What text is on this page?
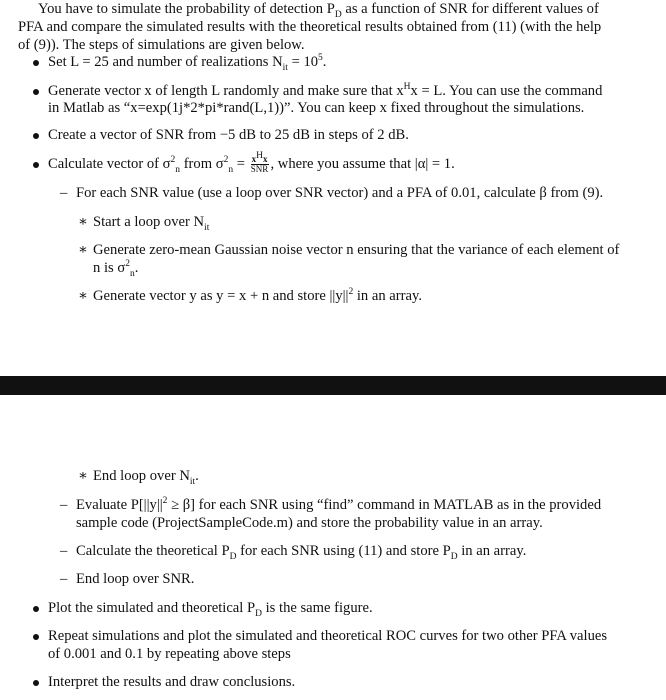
You have to simulate the probability of detection $P_D$ as a function of SNR for different values of
PFA and compare the simulated results with the theoretical results obtained from (11) (with the help
of (9)). The steps of simulations are given below.
Set L = 25 and number of realizations $N_{it} = 10^5$.
Generate vector x of length L randomly and make sure that $x^Hx = L$. You can use the command
in Matlab as “x=exp(1j*2*pi*rand(L,1))”. You can keep x fixed throughout the simulations.
Create a vector of SNR from −5 dB to 25 dB in steps of 2 dB.
Calculate vector of $\sigma^2_n$ from $\sigma^2_n = \frac{x^Hx}{\text{SNR}}$ , where you assume that |α| = 1.
– For each SNR value (use a loop over SNR vector) and a PFA of 0.01, calculate β from (9).
∗ Start a loop over $N_{it}$
∗ Generate zero-mean Gaussian noise vector n ensuring that the variance of each element of
n is $\sigma^2_n$.
∗ Generate vector y as y = x + n and store $||y||^2$ in an array.
∗ End loop over $N_{it}$.
– Evaluate $P[||y||^2 \ge \beta]$ for each SNR using “find” command in MATLAB as in the provided
sample code (ProjectSampleCode.m) and store the probability value in an array.
– Calculate the theoretical $P_D$ for each SNR using (11) and store $P_D$ in an array.
– End loop over SNR.
Plot the simulated and theoretical $P_D$ is the same figure.
Repeat simulations and plot the simulated and theoretical ROC curves for two other PFA values
of 0.001 and 0.1 by repeating above steps
Interpret the results and draw conclusions.
